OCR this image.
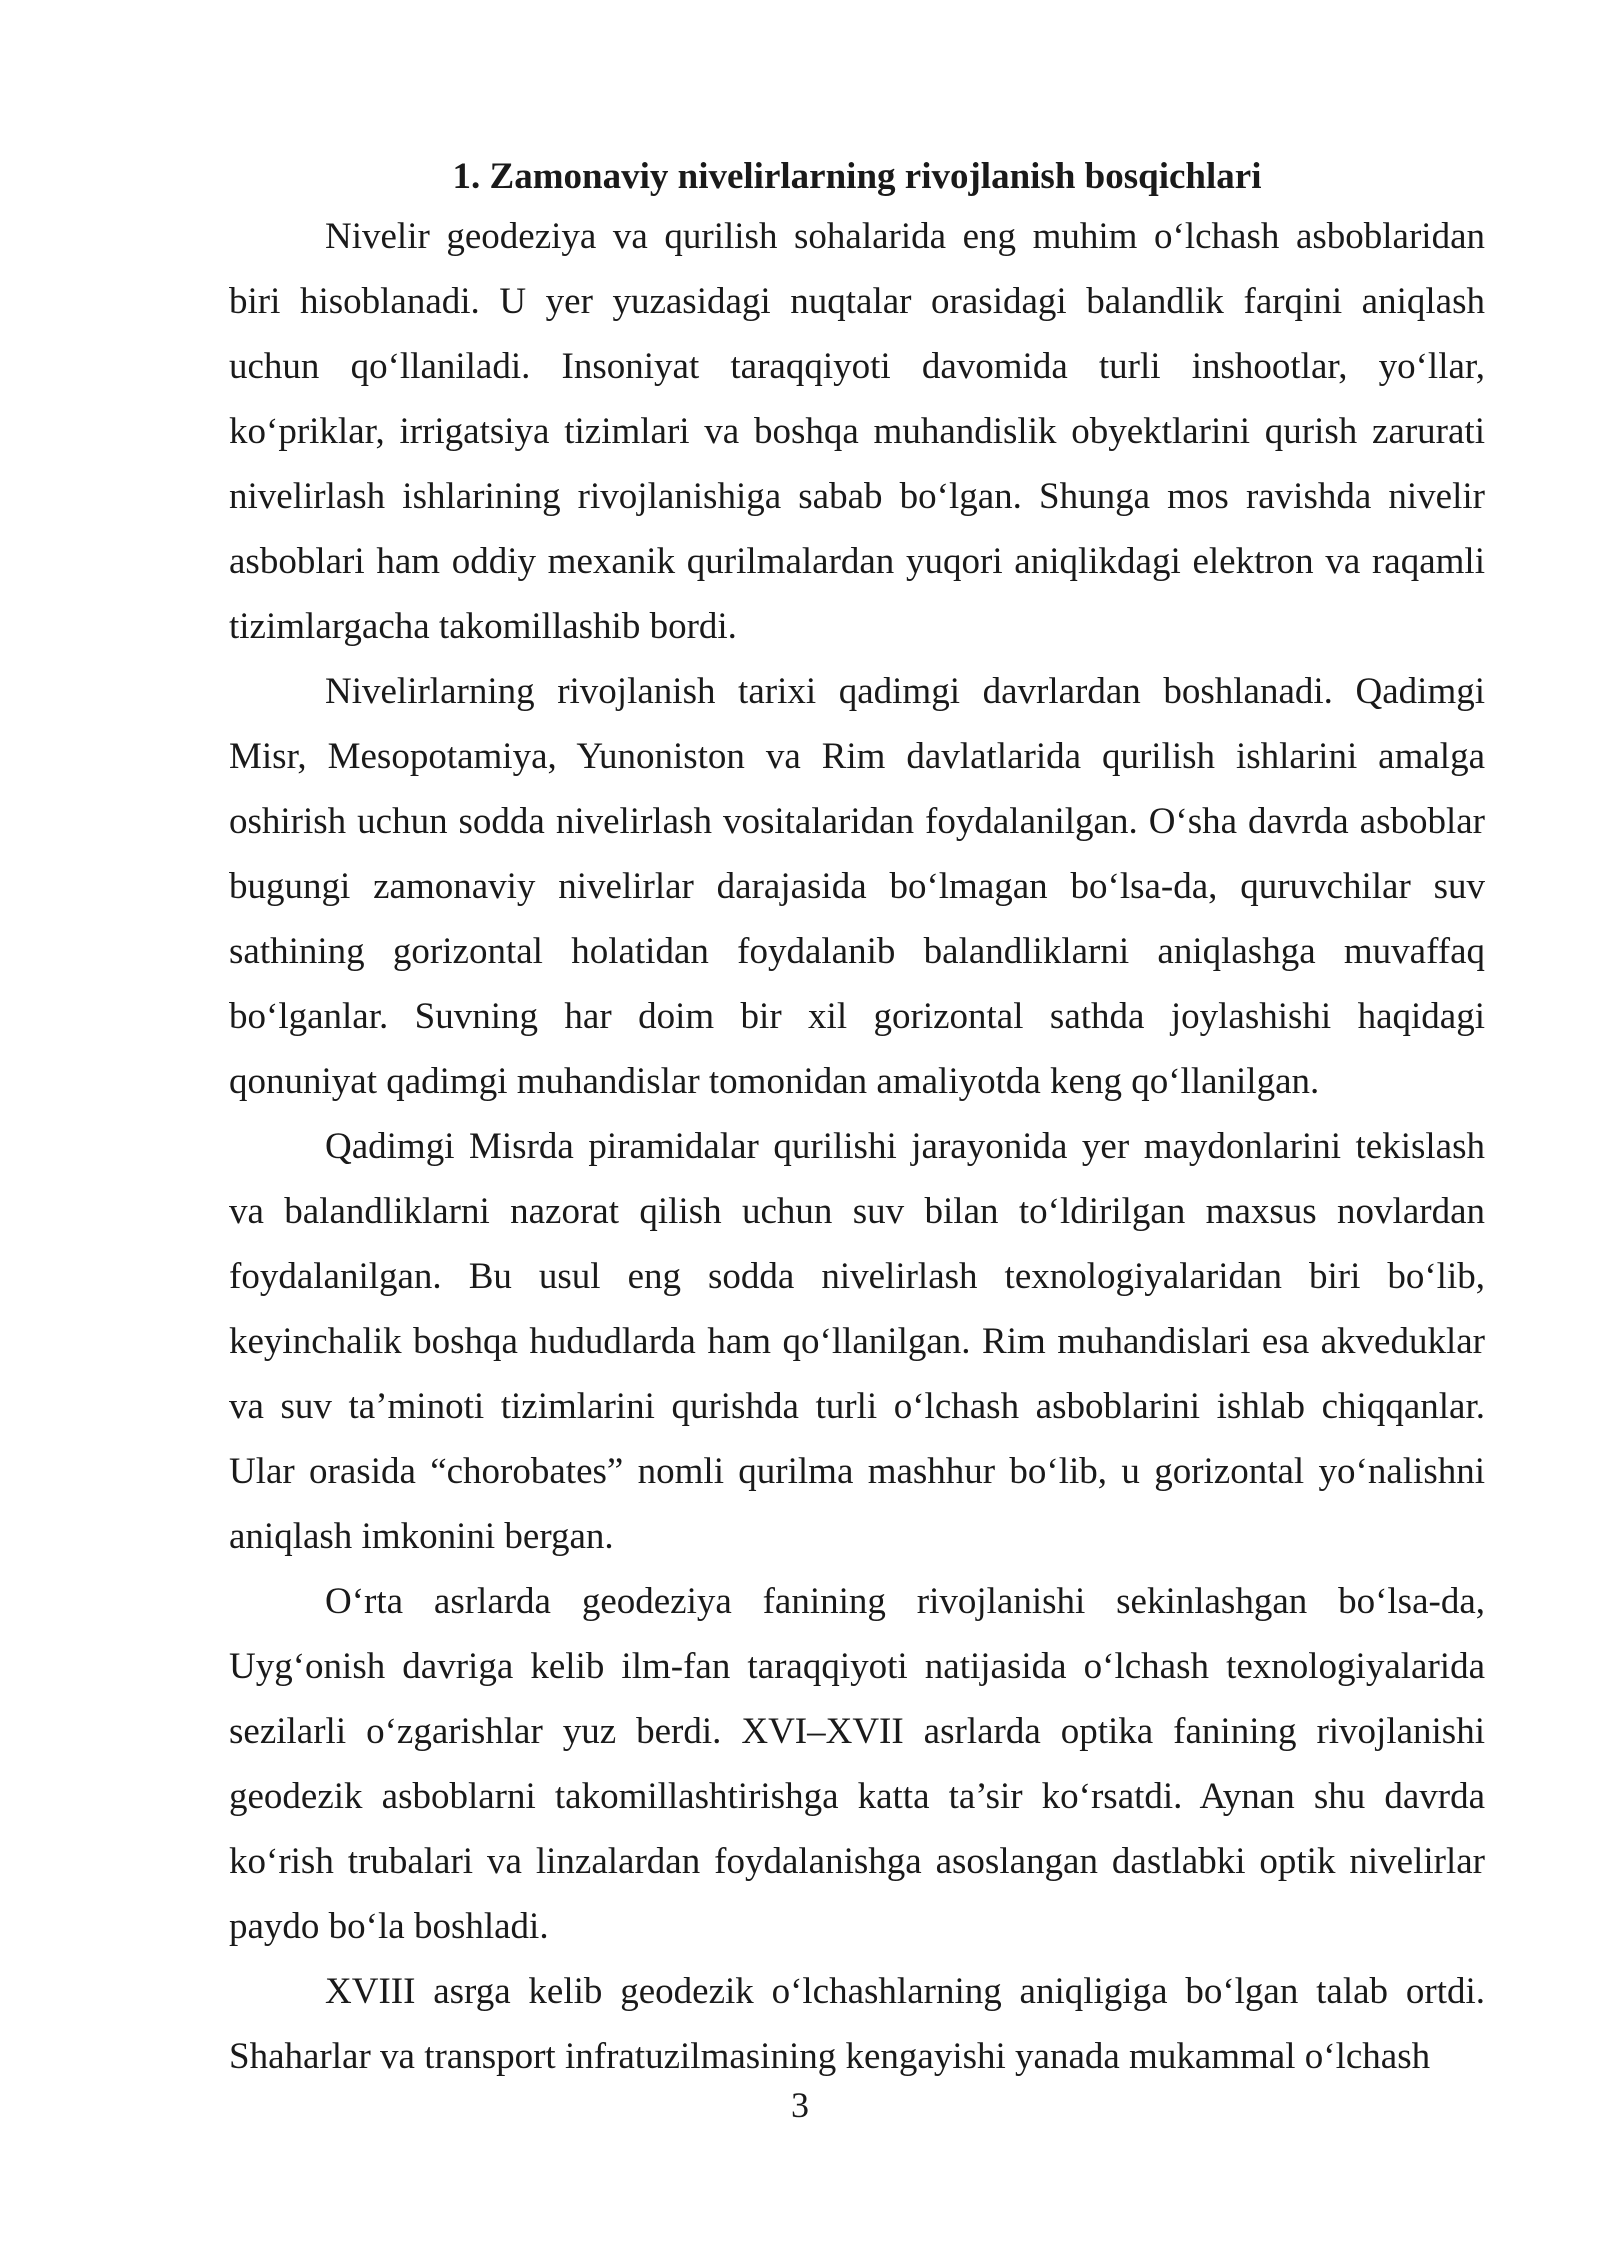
1. Zamonaviy nivelirlarning rivojlanish bosqichlari

Nivelir geodeziya va qurilish sohalarida eng muhim o‘lchash asboblaridan biri hisoblanadi. U yer yuzasidagi nuqtalar orasidagi balandlik farqini aniqlash uchun qo‘llaniladi. Insoniyat taraqqiyoti davomida turli inshootlar, yo‘llar, ko‘priklar, irrigatsiya tizimlari va boshqa muhandislik obyektlarini qurish zarurati nivelirlash ishlarining rivojlanishiga sabab bo‘lgan. Shunga mos ravishda nivelir asboblari ham oddiy mexanik qurilmalardan yuqori aniqlikdagi elektron va raqamli tizimlargacha takomillashib bordi.

Nivelirlarning rivojlanish tarixi qadimgi davrlardan boshlanadi. Qadimgi Misr, Mesopotamiya, Yunoniston va Rim davlatlarida qurilish ishlarini amalga oshirish uchun sodda nivelirlash vositalaridan foydalanilgan. O‘sha davrda asboblar bugungi zamonaviy nivelirlar darajasida bo‘lmagan bo‘lsa-da, quruvchilar suv sathining gorizontal holatidan foydalanib balandliklarni aniqlashga muvaffaq bo‘lganlar. Suvning har doim bir xil gorizontal sathda joylashishi haqidagi qonuniyat qadimgi muhandislar tomonidan amaliyotda keng qo‘llanilgan.

Qadimgi Misrda piramidalar qurilishi jarayonida yer maydonlarini tekislash va balandliklarni nazorat qilish uchun suv bilan to‘ldirilgan maxsus novlardan foydalanilgan. Bu usul eng sodda nivelirlash texnologiyalaridan biri bo‘lib, keyinchalik boshqa hududlarda ham qo‘llanilgan. Rim muhandislari esa akveduklar va suv ta’minoti tizimlarini qurishda turli o‘lchash asboblarini ishlab chiqqanlar. Ular orasida “chorobates” nomli qurilma mashhur bo‘lib, u gorizontal yo‘nalishni aniqlash imkonini bergan.

O‘rta asrlarda geodeziya fanining rivojlanishi sekinlashgan bo‘lsa-da, Uyg‘onish davriga kelib ilm-fan taraqqiyoti natijasida o‘lchash texnologiyalarida sezilarli o‘zgarishlar yuz berdi. XVI–XVII asrlarda optika fanining rivojlanishi geodezik asboblarni takomillashtirishga katta ta’sir ko‘rsatdi. Aynan shu davrda ko‘rish trubalari va linzalardan foydalanishga asoslangan dastlabki optik nivelirlar paydo bo‘la boshladi.

XVIII asrga kelib geodezik o‘lchashlarning aniqligiga bo‘lgan talab ortdi. Shaharlar va transport infratuzilmasining kengayishi yanada mukammal o‘lchash

3
